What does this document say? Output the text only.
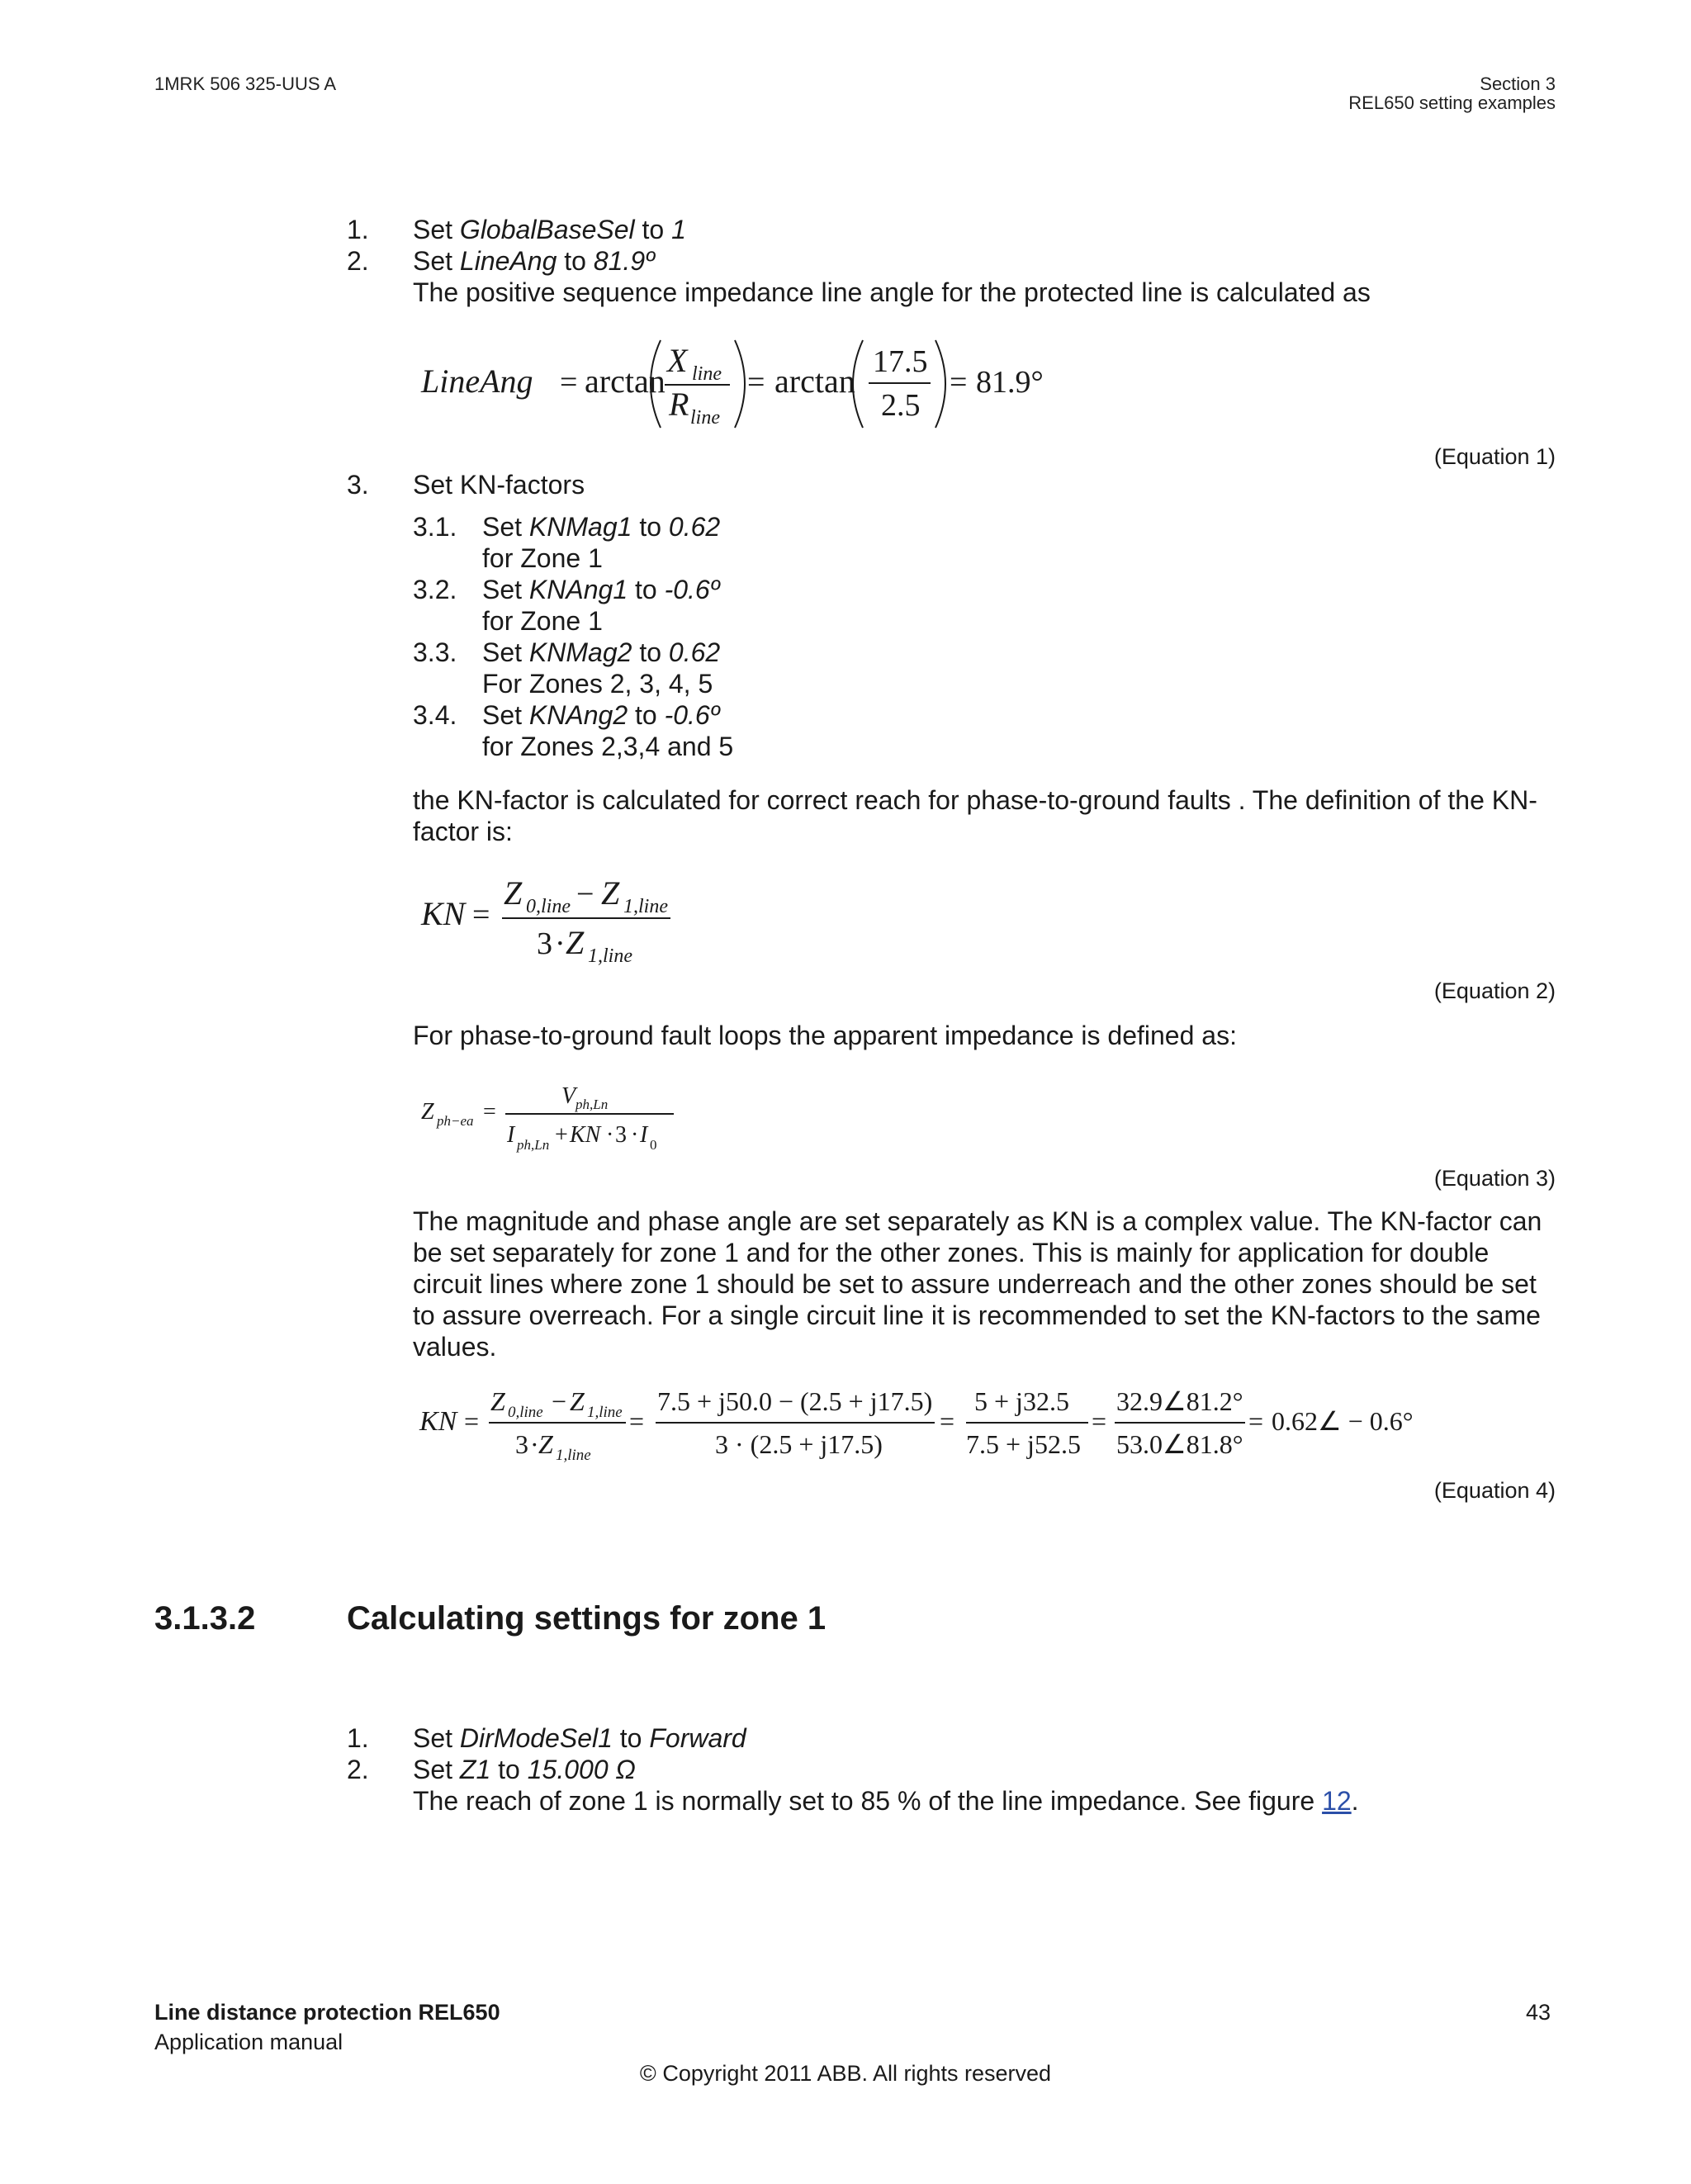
1MRK 506 325-UUS A	Section 3
REL650 setting examples
1. Set GlobalBaseSel to 1
2. Set LineAng to 81.9º
The positive sequence impedance line angle for the protected line is calculated as
LineAng = arctan
X line
R line
= arctan
17.5
2.5
= 81.9°
(Equation 1)
3. Set KN-factors
3.1. Set KNMag1 to 0.62
for Zone 1
3.2. Set KNAng1 to -0.6º
for Zone 1
3.3. Set KNMag2 to 0.62
For Zones 2, 3, 4, 5
3.4. Set KNAng2 to -0.6º
for Zones 2,3,4 and 5
the KN-factor is calculated for correct reach for phase-to-ground faults . The definition of the KN-factor is:
KN =
Z 0,line − Z 1,line
3 · Z 1,line
(Equation 2)
For phase-to-ground fault loops the apparent impedance is defined as:
Z ph−ea =
V ph,Ln
I ph,Ln + KN · 3 · I 0
(Equation 3)
The magnitude and phase angle are set separately as KN is a complex value. The KN-factor can be set separately for zone 1 and for the other zones. This is mainly for application for double circuit lines where zone 1 should be set to assure underreach and the other zones should be set to assure overreach. For a single circuit line it is recommended to set the KN-factors to the same values.
KN =
Z 0,line − Z 1,line
3 · Z 1,line
=
7.5 + j50.0 − (2.5 + j17.5)
3 · (2.5 + j17.5)
=
5 + j32.5
7.5 + j52.5
=
32.9∠81.2°
53.0∠81.8°
= 0.62∠ − 0.6°
(Equation 4)
3.1.3.2	Calculating settings for zone 1
1. Set DirModeSel1 to Forward
2. Set Z1 to 15.000 Ω
The reach of zone 1 is normally set to 85 % of the line impedance. See figure 12.
Line distance protection REL650
Application manual
43
© Copyright 2011 ABB. All rights reserved
